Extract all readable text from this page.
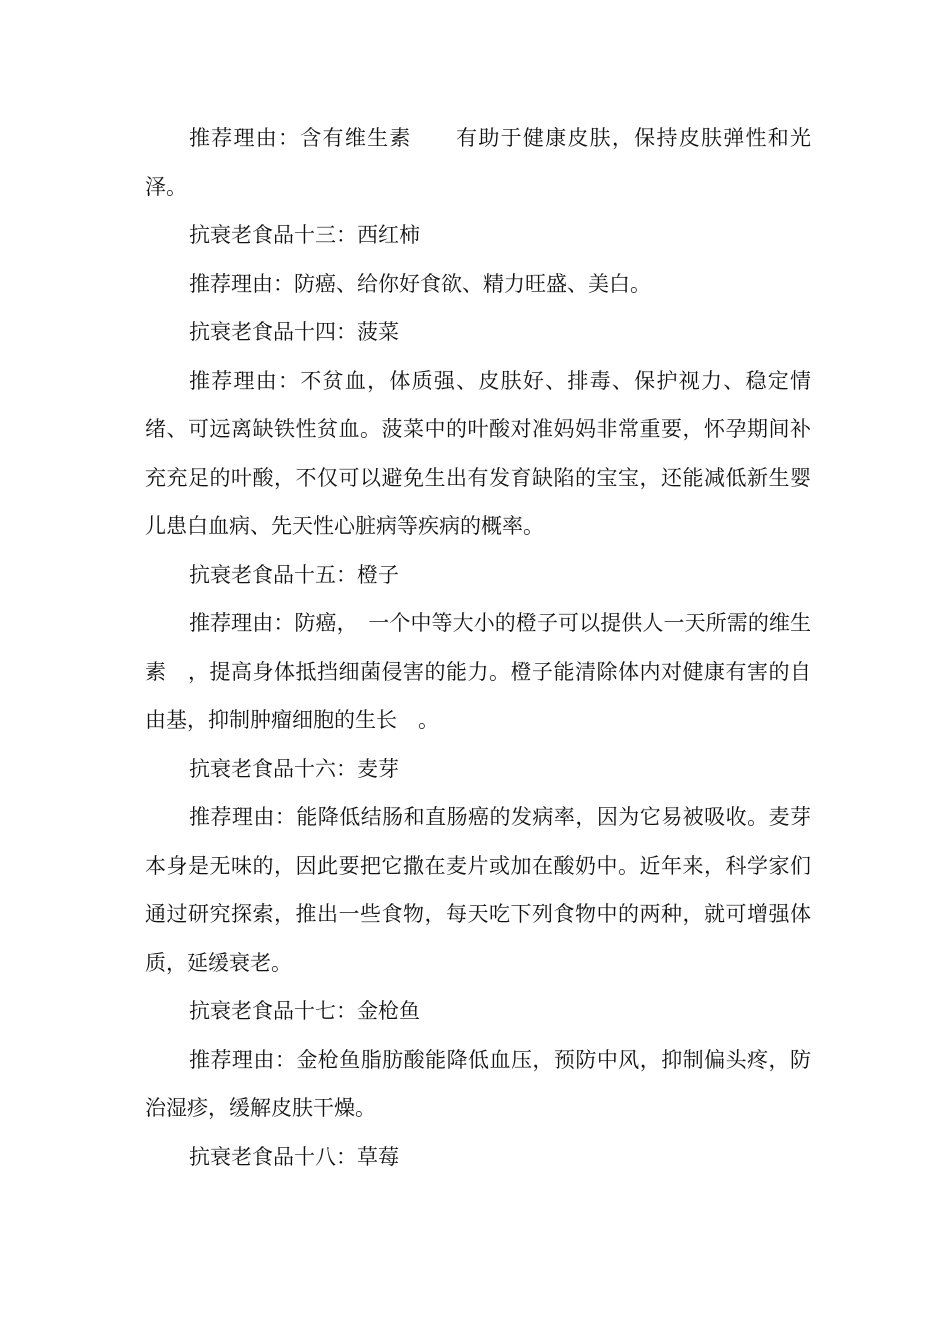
推荐理由：含有维生素　　有助于健康皮肤，保持皮肤弹性和光泽。

抗衰老食品十三：西红柿

推荐理由：防癌、给你好食欲、精力旺盛、美白。

抗衰老食品十四：菠菜

推荐理由：不贫血，体质强、皮肤好、排毒、保护视力、稳定情绪、可远离缺铁性贫血。菠菜中的叶酸对准妈妈非常重要，怀孕期间补充充足的叶酸，不仅可以避免生出有发育缺陷的宝宝，还能减低新生婴儿患白血病、先天性心脏病等疾病的概率。

抗衰老食品十五：橙子

推荐理由：防癌，　一个中等大小的橙子可以提供人一天所需的维生素　，提高身体抵挡细菌侵害的能力。橙子能清除体内对健康有害的自由基，抑制肿瘤细胞的生长　。

抗衰老食品十六：麦芽

推荐理由：能降低结肠和直肠癌的发病率，因为它易被吸收。麦芽本身是无味的，因此要把它撒在麦片或加在酸奶中。近年来，科学家们通过研究探索，推出一些食物，每天吃下列食物中的两种，就可增强体质，延缓衰老。

抗衰老食品十七：金枪鱼

推荐理由：金枪鱼脂肪酸能降低血压，预防中风，抑制偏头疼，防治湿疹，缓解皮肤干燥。

抗衰老食品十八：草莓
